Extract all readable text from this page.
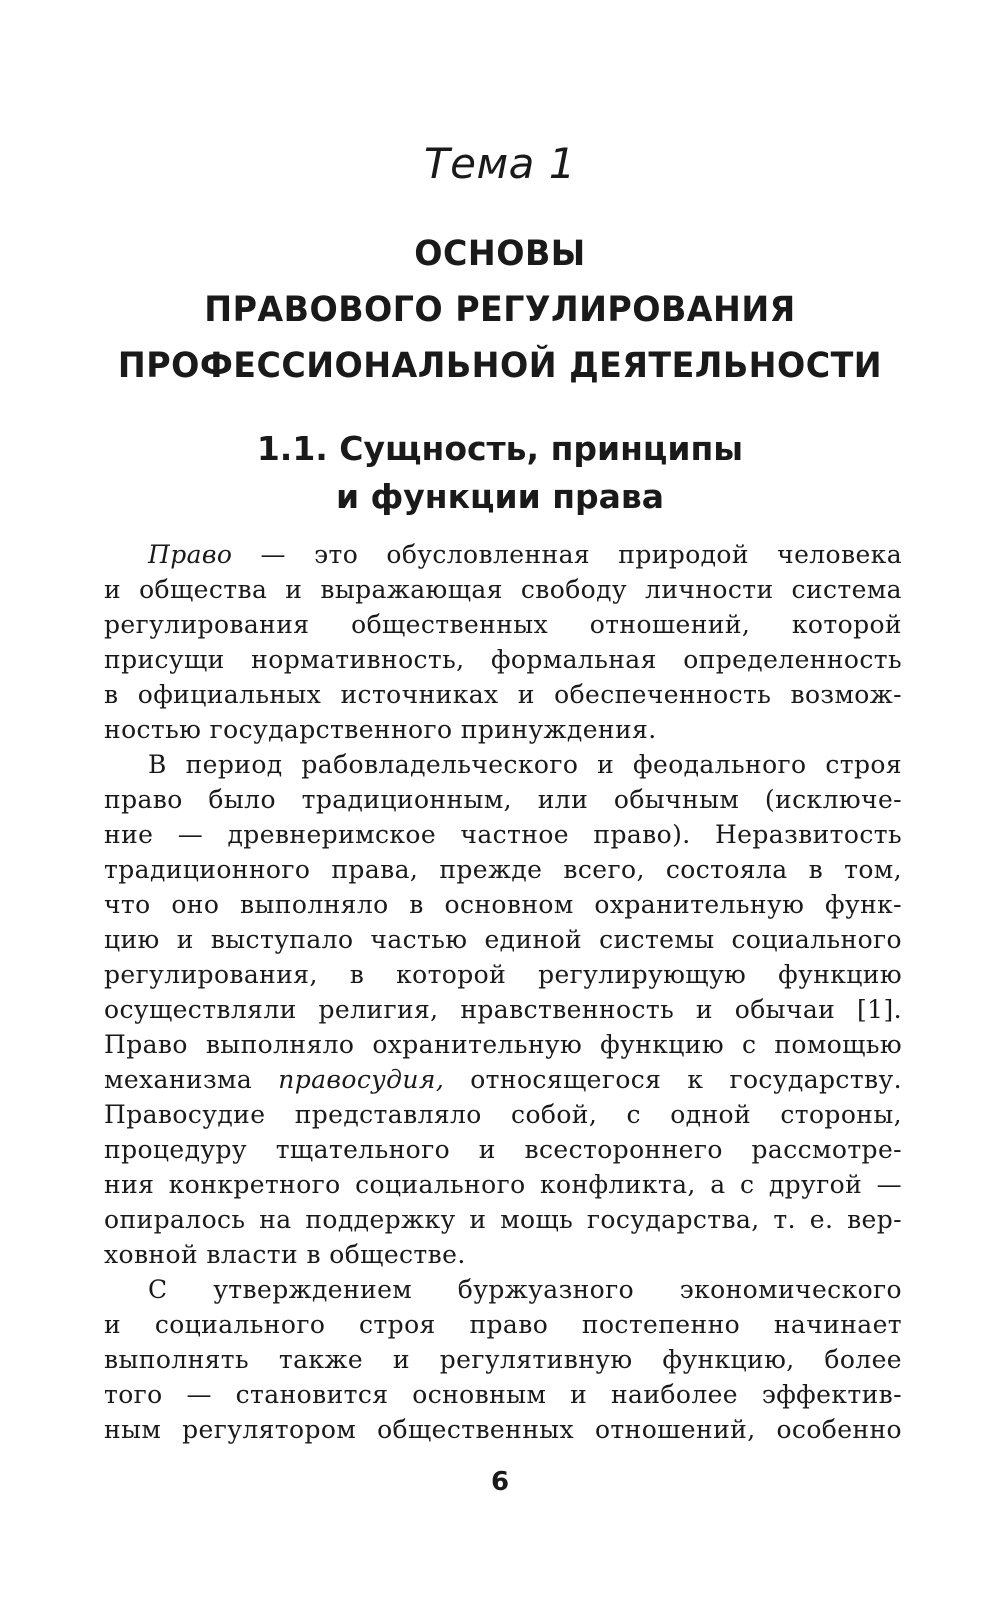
Тема 1
ОСНОВЫ
ПРАВОВОГО РЕГУЛИРОВАНИЯ
ПРОФЕССИОНАЛЬНОЙ ДЕЯТЕЛЬНОСТИ
1.1. Сущность, принципы
и функции права
Право — это обусловленная природой человека
и общества и выражающая свободу личности система
регулирования общественных отношений, которой
присущи нормативность, формальная определенность
в официальных источниках и обеспеченность возмож-
ностью государственного принуждения.
В период рабовладельческого и феодального строя
право было традиционным, или обычным (исключе-
ние — древнеримское частное право). Неразвитость
традиционного права, прежде всего, состояла в том,
что оно выполняло в основном охранительную функ-
цию и выступало частью единой системы социального
регулирования, в которой регулирующую функцию
осуществляли религия, нравственность и обычаи [1].
Право выполняло охранительную функцию с помощью
механизма правосудия, относящегося к государству.
Правосудие представляло собой, с одной стороны,
процедуру тщательного и всестороннего рассмотре-
ния конкретного социального конфликта, а с другой —
опиралось на поддержку и мощь государства, т. е. вер-
ховной власти в обществе.
С утверждением буржуазного экономического
и социального строя право постепенно начинает
выполнять также и регулятивную функцию, более
того — становится основным и наиболее эффектив-
ным регулятором общественных отношений, особенно
6
